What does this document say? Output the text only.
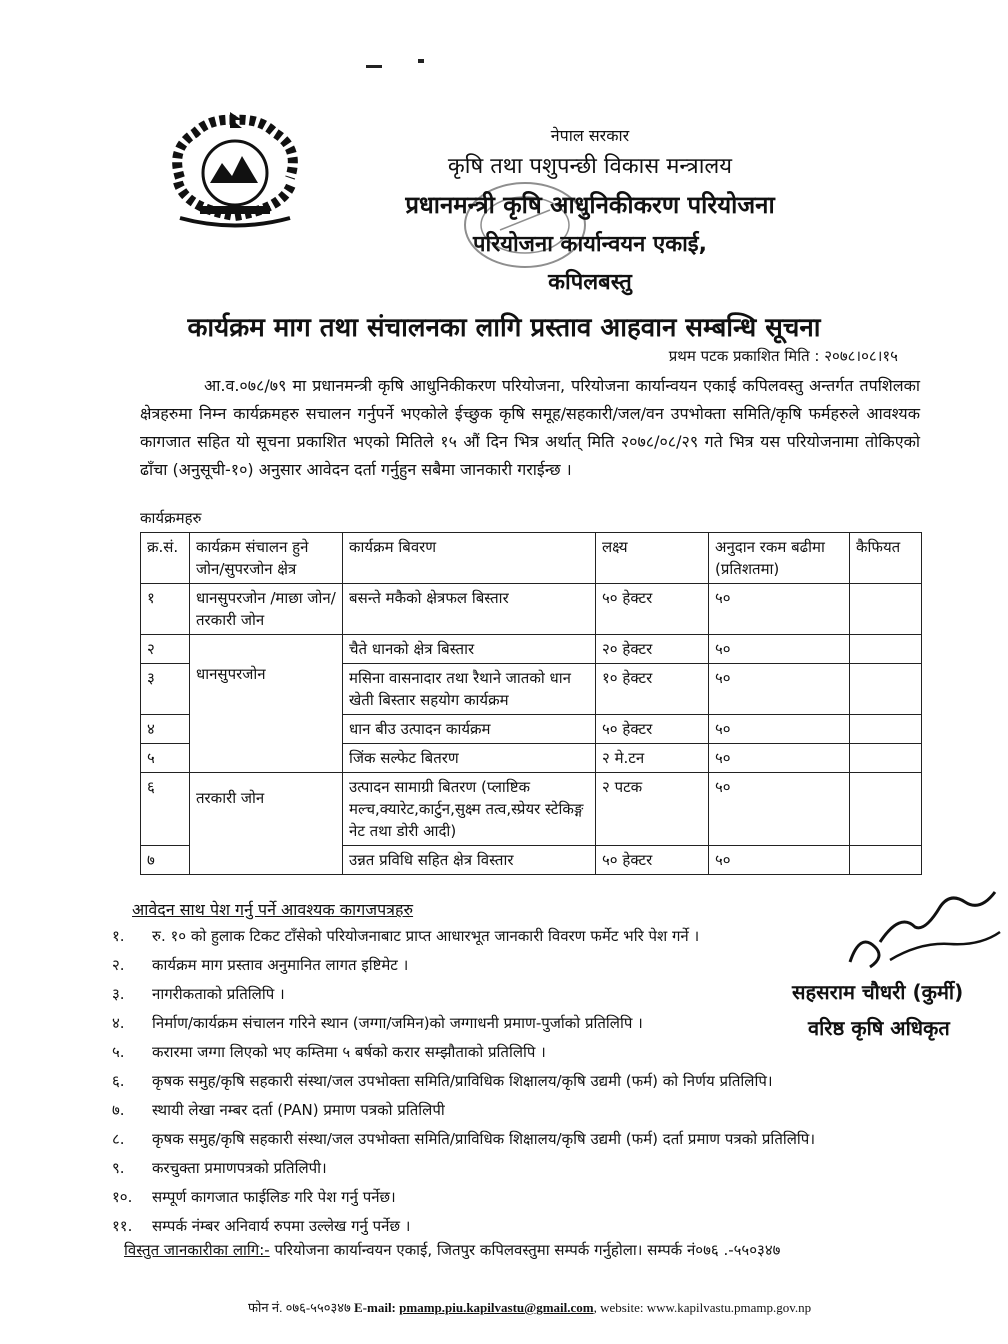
नेपाल सरकार
कृषि तथा पशुपन्छी विकास मन्त्रालय
प्रधानमन्त्री कृषि आधुनिकीकरण परियोजना
परियोजना कार्यान्वयन एकाई,
कपिलबस्तु
कार्यक्रम माग तथा संचालनका लागि प्रस्ताव आहवान सम्बन्धि सूचना
प्रथम पटक प्रकाशित मिति : २०७८।०८।१५
आ.व.०७८/७९ मा प्रधानमन्त्री कृषि आधुनिकीकरण परियोजना, परियोजना कार्यान्वयन एकाई कपिलवस्तु अन्तर्गत तपशिलका क्षेत्रहरुमा निम्न कार्यक्रमहरु सचालन गर्नुपर्ने भएकोले ईच्छुक कृषि समूह/सहकारी/जल/वन उपभोक्ता समिति/कृषि फर्महरुले आवश्यक कागजात सहित यो सूचना प्रकाशित भएको मितिले १५ औं दिन भित्र अर्थात् मिति २०७८/०८/२९ गते भित्र यस परियोजनामा तोकिएको ढाँचा (अनुसूची-१०) अनुसार आवेदन दर्ता गर्नुहुन सबैमा जानकारी गराईन्छ ।
कार्यक्रमहरु
क्र.सं.	कार्यक्रम संचालन हुने जोन/सुपरजोन क्षेत्र	कार्यक्रम बिवरण	लक्ष्य	अनुदान रकम बढीमा (प्रतिशतमा)	कैफियत
१	धानसुपरजोन /माछा जोन/तरकारी जोन	बसन्ते मकैको क्षेत्रफल बिस्तार	५० हेक्टर	५०	
२	धानसुपरजोन	चैते धानको क्षेत्र बिस्तार	२० हेक्टर	५०	
३		मसिना वासनादार तथा रैथाने जातको धान खेती बिस्तार सहयोग कार्यक्रम	१० हेक्टर	५०	
४		धान बीउ उत्पादन कार्यक्रम	५० हेक्टर	५०	
५		जिंक सल्फेट बितरण	२ मे.टन	५०	
६	तरकारी जोन	उत्पादन सामाग्री बितरण (प्लाष्टिक मल्च,क्यारेट,कार्टुन,सुक्ष्म तत्व,स्प्रेयर स्टेकिङ्ग नेट तथा डोरी आदी)	२ पटक	५०	
७		उन्नत प्रविधि सहित क्षेत्र विस्तार	५० हेक्टर	५०	
आवेदन साथ पेश गर्नु पर्ने आवश्यक कागजपत्रहरु
१. रु. १० को हुलाक टिकट टाँसेको परियोजनाबाट प्राप्त आधारभूत जानकारी विवरण फर्मेट भरि पेश गर्ने ।
२. कार्यक्रम माग प्रस्ताव अनुमानित लागत इष्टिमेट ।
३. नागरीकताको प्रतिलिपि ।
४. निर्माण/कार्यक्रम संचालन गरिने स्थान (जग्गा/जमिन)को जग्गाधनी प्रमाण-पुर्जाको प्रतिलिपि ।
५. करारमा जग्गा लिएको भए कम्तिमा ५ बर्षको करार सम्झौताको प्रतिलिपि ।
६. कृषक समुह/कृषि सहकारी संस्था/जल उपभोक्ता समिति/प्राविधिक शिक्षालय/कृषि उद्यमी (फर्म) को निर्णय प्रतिलिपि।
७. स्थायी लेखा नम्बर दर्ता (PAN) प्रमाण पत्रको प्रतिलिपी
८. कृषक समुह/कृषि सहकारी संस्था/जल उपभोक्ता समिति/प्राविधिक शिक्षालय/कृषि उद्यमी (फर्म) दर्ता प्रमाण पत्रको प्रतिलिपि।
९. करचुक्ता प्रमाणपत्रको प्रतिलिपी।
१०. सम्पूर्ण कागजात फाईलिङ गरि पेश गर्नु पर्नेछ।
११. सम्पर्क नंम्बर अनिवार्य रुपमा उल्लेख गर्नु पर्नेछ ।
सहसराम चौधरी (कुर्मी)
वरिष्ठ कृषि अधिकृत
विस्तुत जानकारीका लागि:- परियोजना कार्यान्वयन एकाई, जितपुर कपिलवस्तुमा सम्पर्क गर्नुहोला। सम्पर्क नं०७६ .-५५०३४७
फोन नं. ०७६-५५०३४७ E-mail: pmamp.piu.kapilvastu@gmail.com, website: www.kapilvastu.pmamp.gov.np
